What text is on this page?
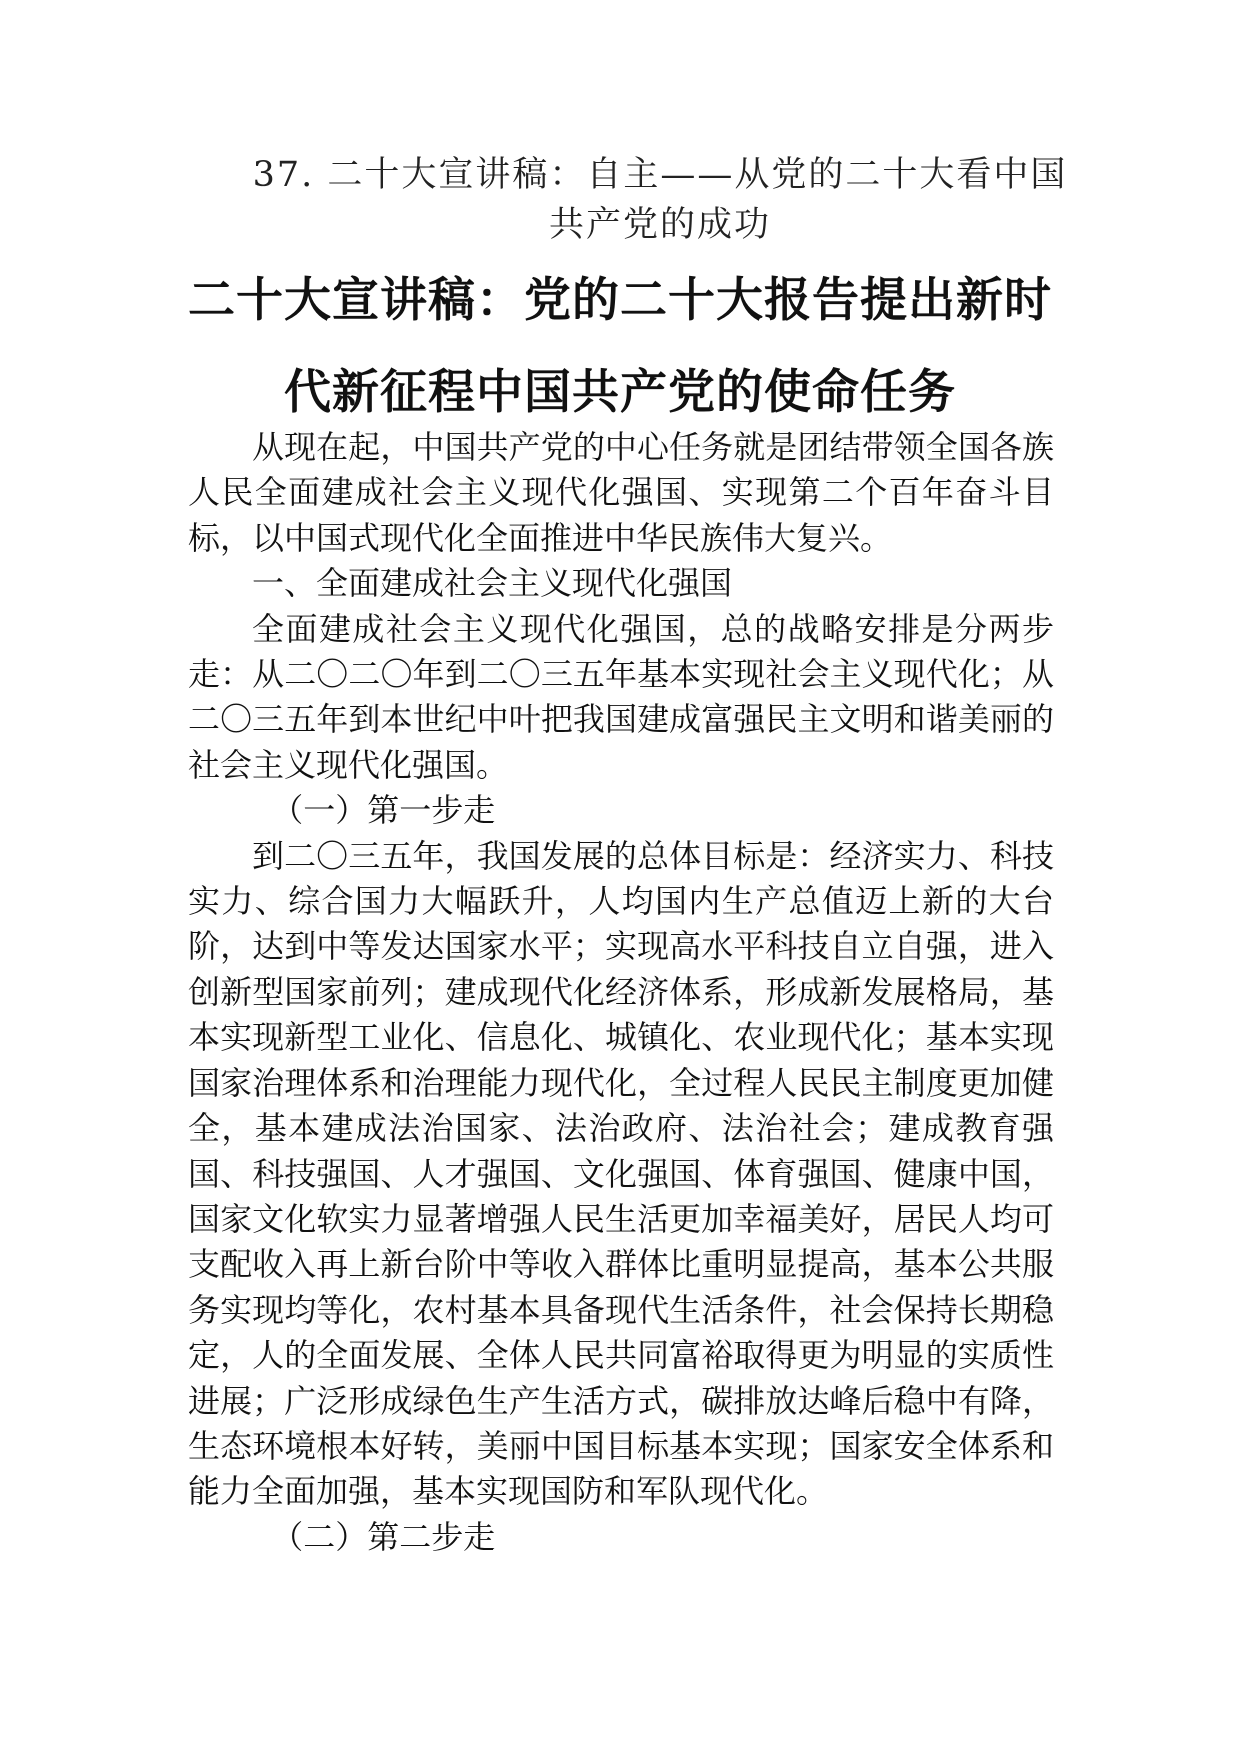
37. 二十大宣讲稿：自主——从党的二十大看中国共产党的成功
二十大宣讲稿：党的二十大报告提出新时代新征程中国共产党的使命任务

从现在起，中国共产党的中心任务就是团结带领全国各族人民全面建成社会主义现代化强国、实现第二个百年奋斗目标，以中国式现代化全面推进中华民族伟大复兴。

一、全面建成社会主义现代化强国

全面建成社会主义现代化强国，总的战略安排是分两步走：从二〇二〇年到二〇三五年基本实现社会主义现代化；从二〇三五年到本世纪中叶把我国建成富强民主文明和谐美丽的社会主义现代化强国。

（一）第一步走

到二〇三五年，我国发展的总体目标是：经济实力、科技实力、综合国力大幅跃升，人均国内生产总值迈上新的大台阶，达到中等发达国家水平；实现高水平科技自立自强，进入创新型国家前列；建成现代化经济体系，形成新发展格局，基本实现新型工业化、信息化、城镇化、农业现代化；基本实现国家治理体系和治理能力现代化，全过程人民民主制度更加健全，基本建成法治国家、法治政府、法治社会；建成教育强国、科技强国、人才强国、文化强国、体育强国、健康中国，国家文化软实力显著增强人民生活更加幸福美好，居民人均可支配收入再上新台阶中等收入群体比重明显提高，基本公共服务实现均等化，农村基本具备现代生活条件，社会保持长期稳定，人的全面发展、全体人民共同富裕取得更为明显的实质性进展；广泛形成绿色生产生活方式，碳排放达峰后稳中有降，生态环境根本好转，美丽中国目标基本实现；国家安全体系和能力全面加强，基本实现国防和军队现代化。

（二）第二步走
